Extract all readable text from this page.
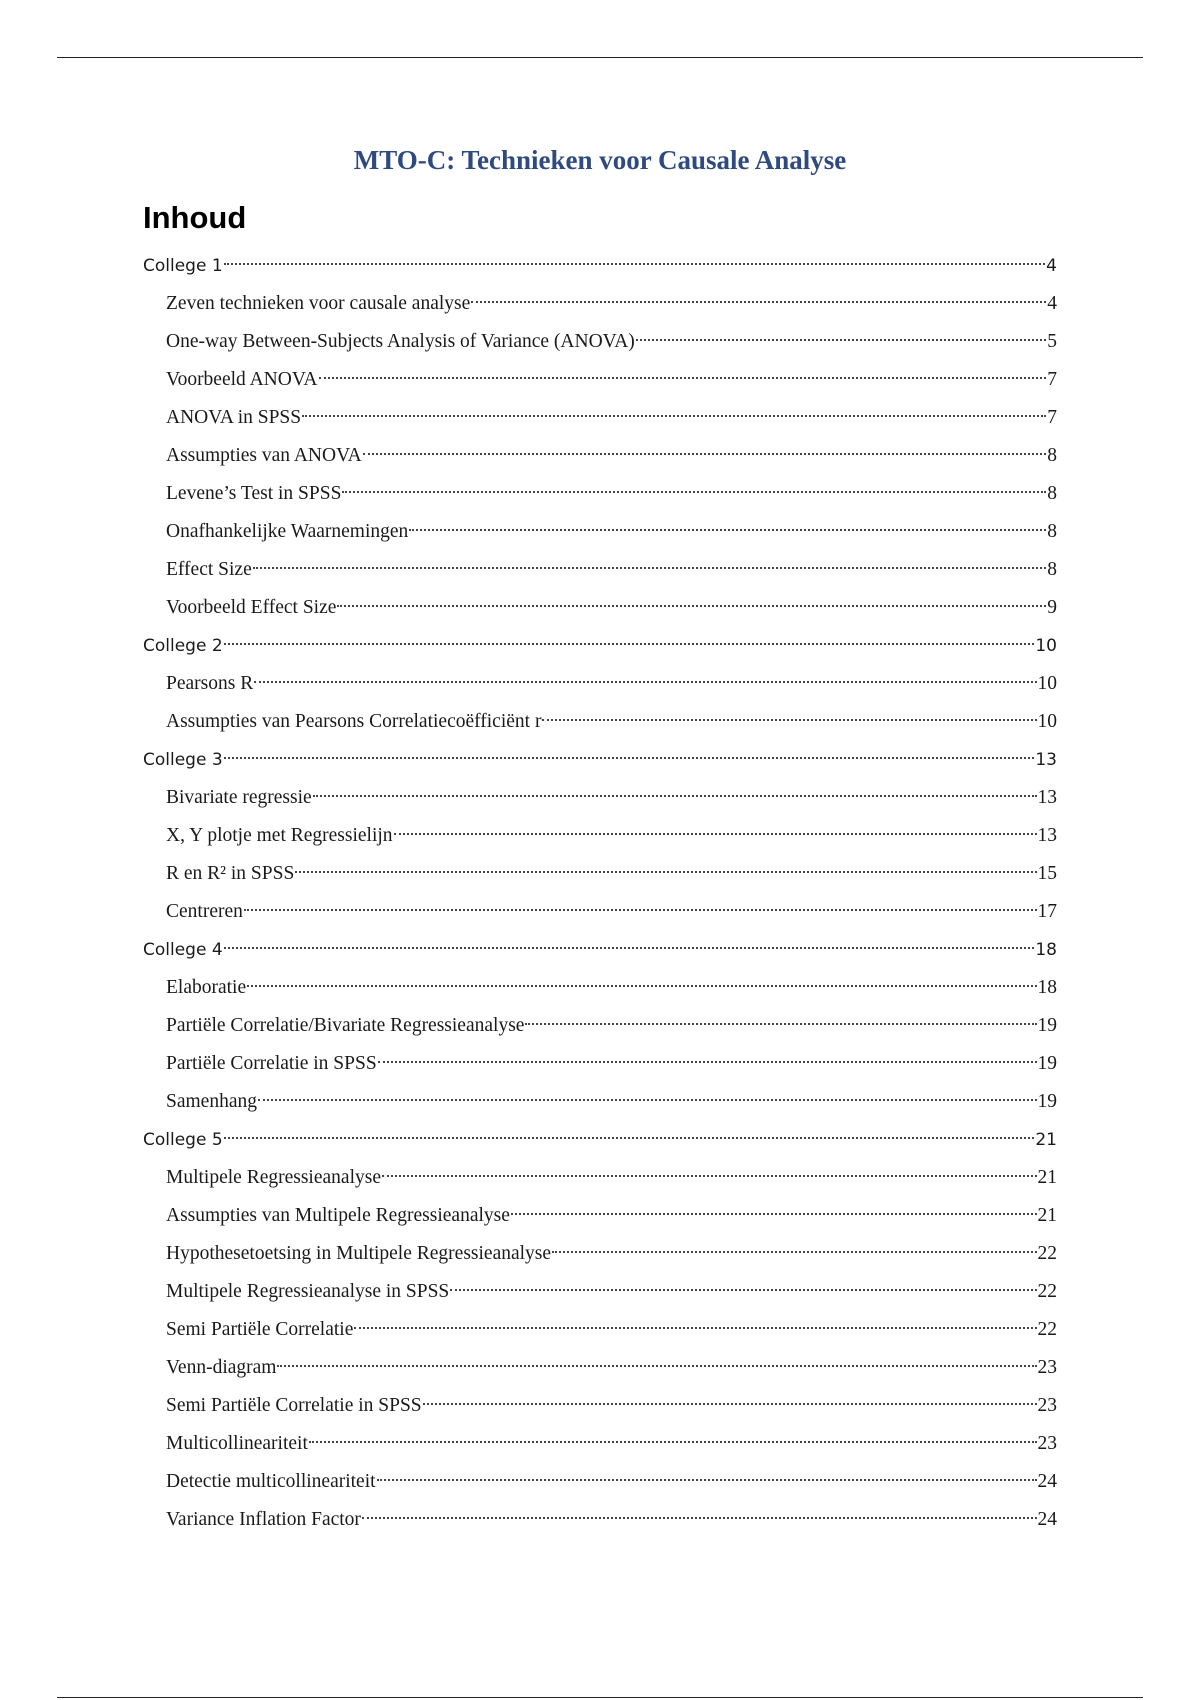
MTO-C: Technieken voor Causale Analyse
Inhoud
College 1	4
Zeven technieken voor causale analyse	4
One-way Between-Subjects Analysis of Variance (ANOVA)	5
Voorbeeld ANOVA	7
ANOVA in SPSS	7
Assumpties van ANOVA	8
Levene’s Test in SPSS	8
Onafhankelijke Waarnemingen	8
Effect Size	8
Voorbeeld Effect Size	9
College 2	10
Pearsons R	10
Assumpties van Pearsons Correlatiecoëfficiënt r	10
College 3	13
Bivariate regressie	13
X, Y plotje met Regressielijn	13
R en R² in SPSS	15
Centreren	17
College 4	18
Elaboratie	18
Partiële Correlatie/Bivariate Regressieanalyse	19
Partiële Correlatie in SPSS	19
Samenhang	19
College 5	21
Multipele Regressieanalyse	21
Assumpties van Multipele Regressieanalyse	21
Hypothesetoetsing in Multipele Regressieanalyse	22
Multipele Regressieanalyse in SPSS	22
Semi Partiële Correlatie	22
Venn-diagram	23
Semi Partiële Correlatie in SPSS	23
Multicollineariteit	23
Detectie multicollineariteit	24
Variance Inflation Factor	24
